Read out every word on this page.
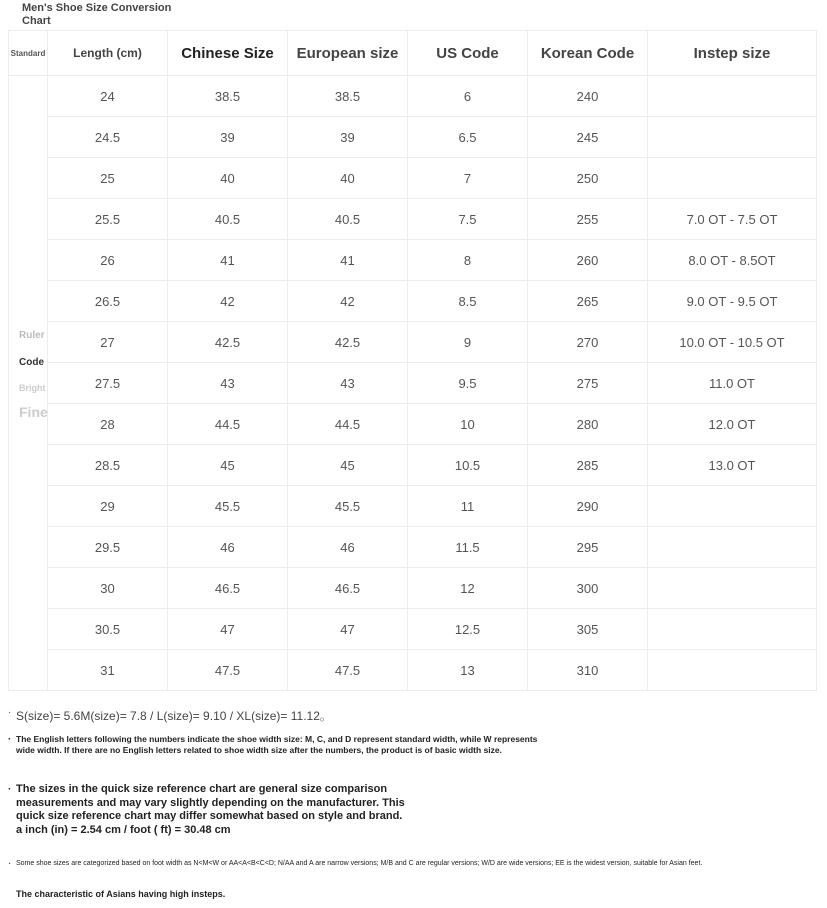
Men's Shoe Size Conversion Chart
Standard	Length (cm)	Chinese Size	European size	US Code	Korean Code	Instep size

Ruler
Code
Bright
Fine	24	38.5	38.5	6	240	
	24.5	39	39	6.5	245	
	25	40	40	7	250	
	25.5	40.5	40.5	7.5	255	7.0 OT - 7.5 OT
	26	41	41	8	260	8.0 OT - 8.5OT
	26.5	42	42	8.5	265	9.0 OT - 9.5 OT
	27	42.5	42.5	9	270	10.0 OT - 10.5 OT
	27.5	43	43	9.5	275	11.0 OT
	28	44.5	44.5	10	280	12.0 OT
	28.5	45	45	10.5	285	13.0 OT
	29	45.5	45.5	11	290	
	29.5	46	46	11.5	295	
	30	46.5	46.5	12	300	
	30.5	47	47	12.5	305	
	31	47.5	47.5	13	310	
· S(size)= 5.6M(size)= 7.8 / L(size)= 9.10 / XL(size)= 11.12。
· The English letters following the numbers indicate the shoe width size: M, C, and D represent standard width, while W represents wide width. If there are no English letters related to shoe width size after the numbers, the product is of basic width size.
· The sizes in the quick size reference chart are general size comparison measurements and may vary slightly depending on the manufacturer. This quick size reference chart may differ somewhat based on style and brand. a inch (in) = 2.54 cm / foot ( ft) = 30.48 cm
· Some shoe sizes are categorized based on foot width as N<M<W or AA<A<B<C<D; N/AA and A are narrow versions; M/B and C are regular versions; W/D are wide versions; EE is the widest version, suitable for Asian feet.
The characteristic of Asians having high insteps.
